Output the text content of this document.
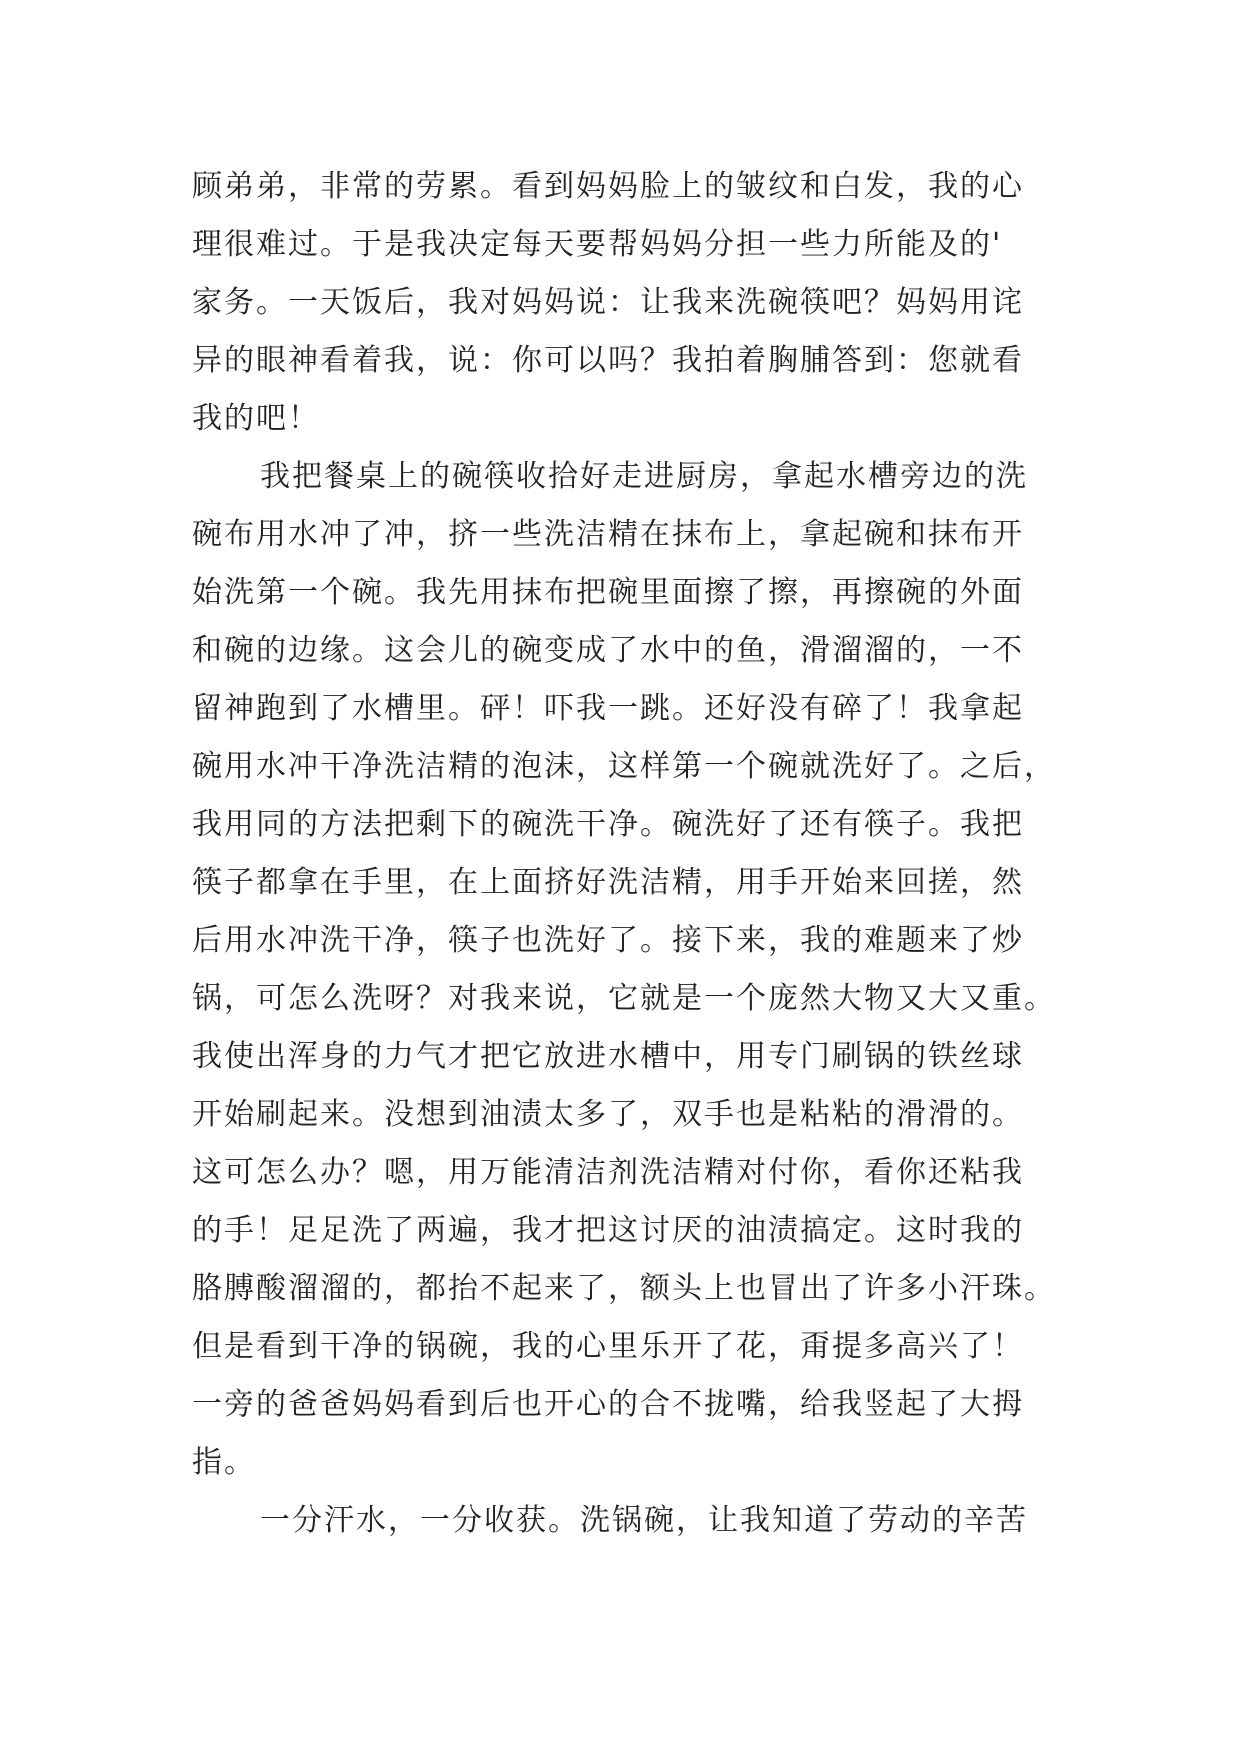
顾弟弟，非常的劳累。看到妈妈脸上的皱纹和白发，我的心
理很难过。于是我决定每天要帮妈妈分担一些力所能及的'
家务。一天饭后，我对妈妈说：让我来洗碗筷吧？妈妈用诧
异的眼神看着我，说：你可以吗？我拍着胸脯答到：您就看
我的吧！
我把餐桌上的碗筷收拾好走进厨房，拿起水槽旁边的洗
碗布用水冲了冲，挤一些洗洁精在抹布上，拿起碗和抹布开
始洗第一个碗。我先用抹布把碗里面擦了擦，再擦碗的外面
和碗的边缘。这会儿的碗变成了水中的鱼，滑溜溜的，一不
留神跑到了水槽里。砰！吓我一跳。还好没有碎了！我拿起
碗用水冲干净洗洁精的泡沫，这样第一个碗就洗好了。之后，
我用同的方法把剩下的碗洗干净。碗洗好了还有筷子。我把
筷子都拿在手里，在上面挤好洗洁精，用手开始来回搓，然
后用水冲洗干净，筷子也洗好了。接下来，我的难题来了炒
锅，可怎么洗呀？对我来说，它就是一个庞然大物又大又重。
我使出浑身的力气才把它放进水槽中，用专门刷锅的铁丝球
开始刷起来。没想到油渍太多了，双手也是粘粘的滑滑的。
这可怎么办？嗯，用万能清洁剂洗洁精对付你，看你还粘我
的手！足足洗了两遍，我才把这讨厌的油渍搞定。这时我的
胳膊酸溜溜的，都抬不起来了，额头上也冒出了许多小汗珠。
但是看到干净的锅碗，我的心里乐开了花，甭提多高兴了！
一旁的爸爸妈妈看到后也开心的合不拢嘴，给我竖起了大拇
指。
一分汗水，一分收获。洗锅碗，让我知道了劳动的辛苦
